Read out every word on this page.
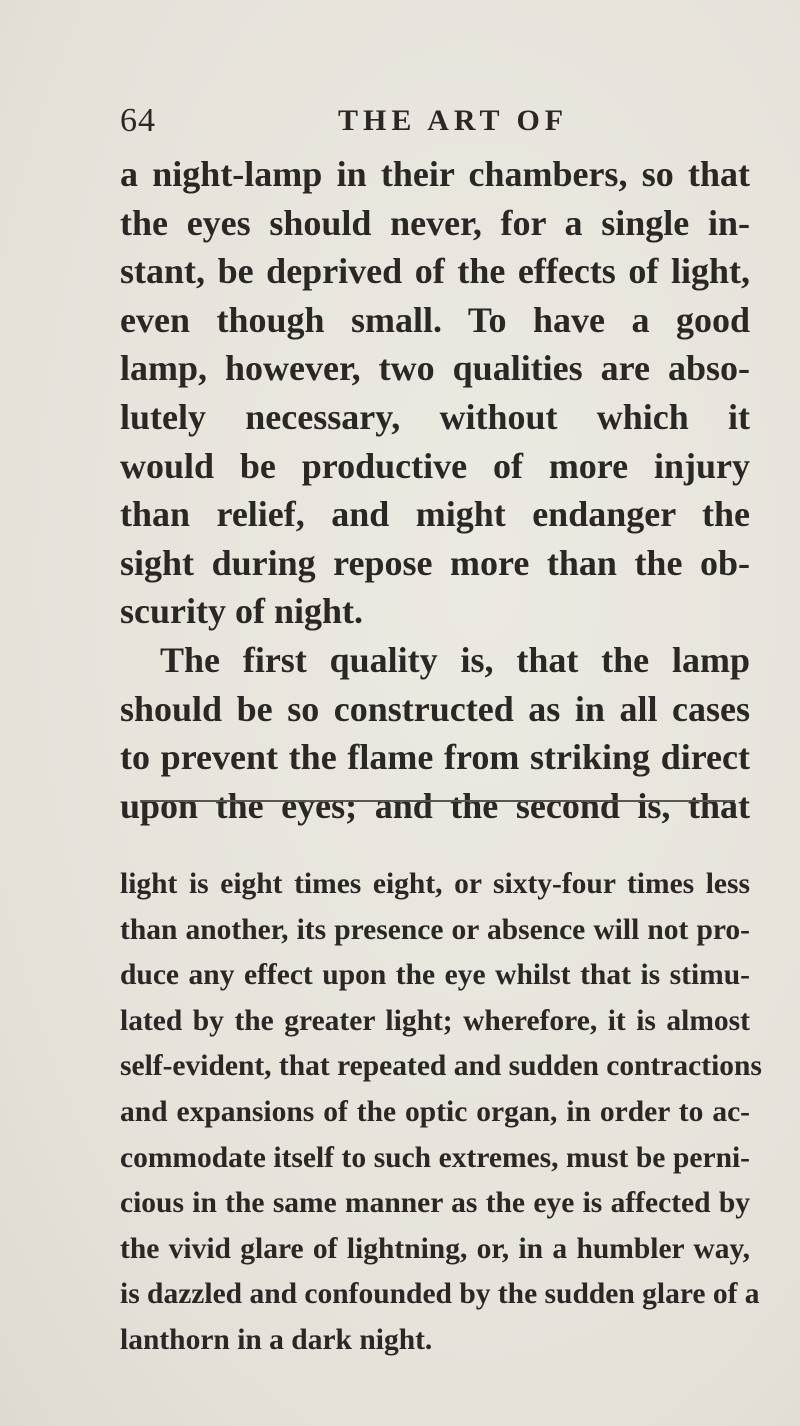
64	THE ART OF
a night-lamp in their chambers, so that
the eyes should never, for a single in-
stant, be deprived of the effects of light,
even though small. To have a good
lamp, however, two qualities are abso-
lutely necessary, without which it
would be productive of more injury
than relief, and might endanger the
sight during repose more than the ob-
scurity of night.
The first quality is, that the lamp
should be so constructed as in all cases
to prevent the flame from striking direct
upon the eyes; and the second is, that
light is eight times eight, or sixty-four times less
than another, its presence or absence will not pro-
duce any effect upon the eye whilst that is stimu-
lated by the greater light; wherefore, it is almost
self-evident, that repeated and sudden contractions
and expansions of the optic organ, in order to ac-
commodate itself to such extremes, must be perni-
cious in the same manner as the eye is affected by
the vivid glare of lightning, or, in a humbler way,
is dazzled and confounded by the sudden glare of a
lanthorn in a dark night.
